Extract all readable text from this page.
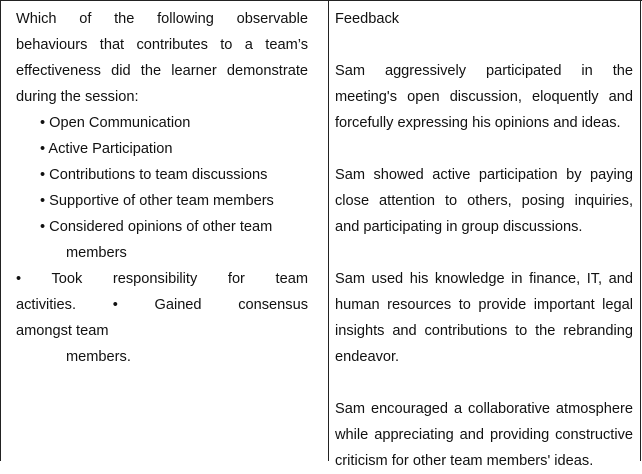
Which of the following observable
behaviours that contributes to a team’s
effectiveness did the learner demonstrate
during the session:
• Open Communication
• Active Participation
• Contributions to team discussions
• Supportive of other team members
• Considered opinions of other team
members
• Took responsibility for team
activities. • Gained consensus
amongst team
members.
Feedback
Sam aggressively participated in the
meeting's open discussion, eloquently and
forcefully expressing his opinions and ideas.
Sam showed active participation by paying
close attention to others, posing inquiries,
and participating in group discussions.
Sam used his knowledge in finance, IT, and
human resources to provide important legal
insights and contributions to the rebranding
endeavor.
Sam encouraged a collaborative atmosphere
while appreciating and providing constructive
criticism for other team members' ideas.
